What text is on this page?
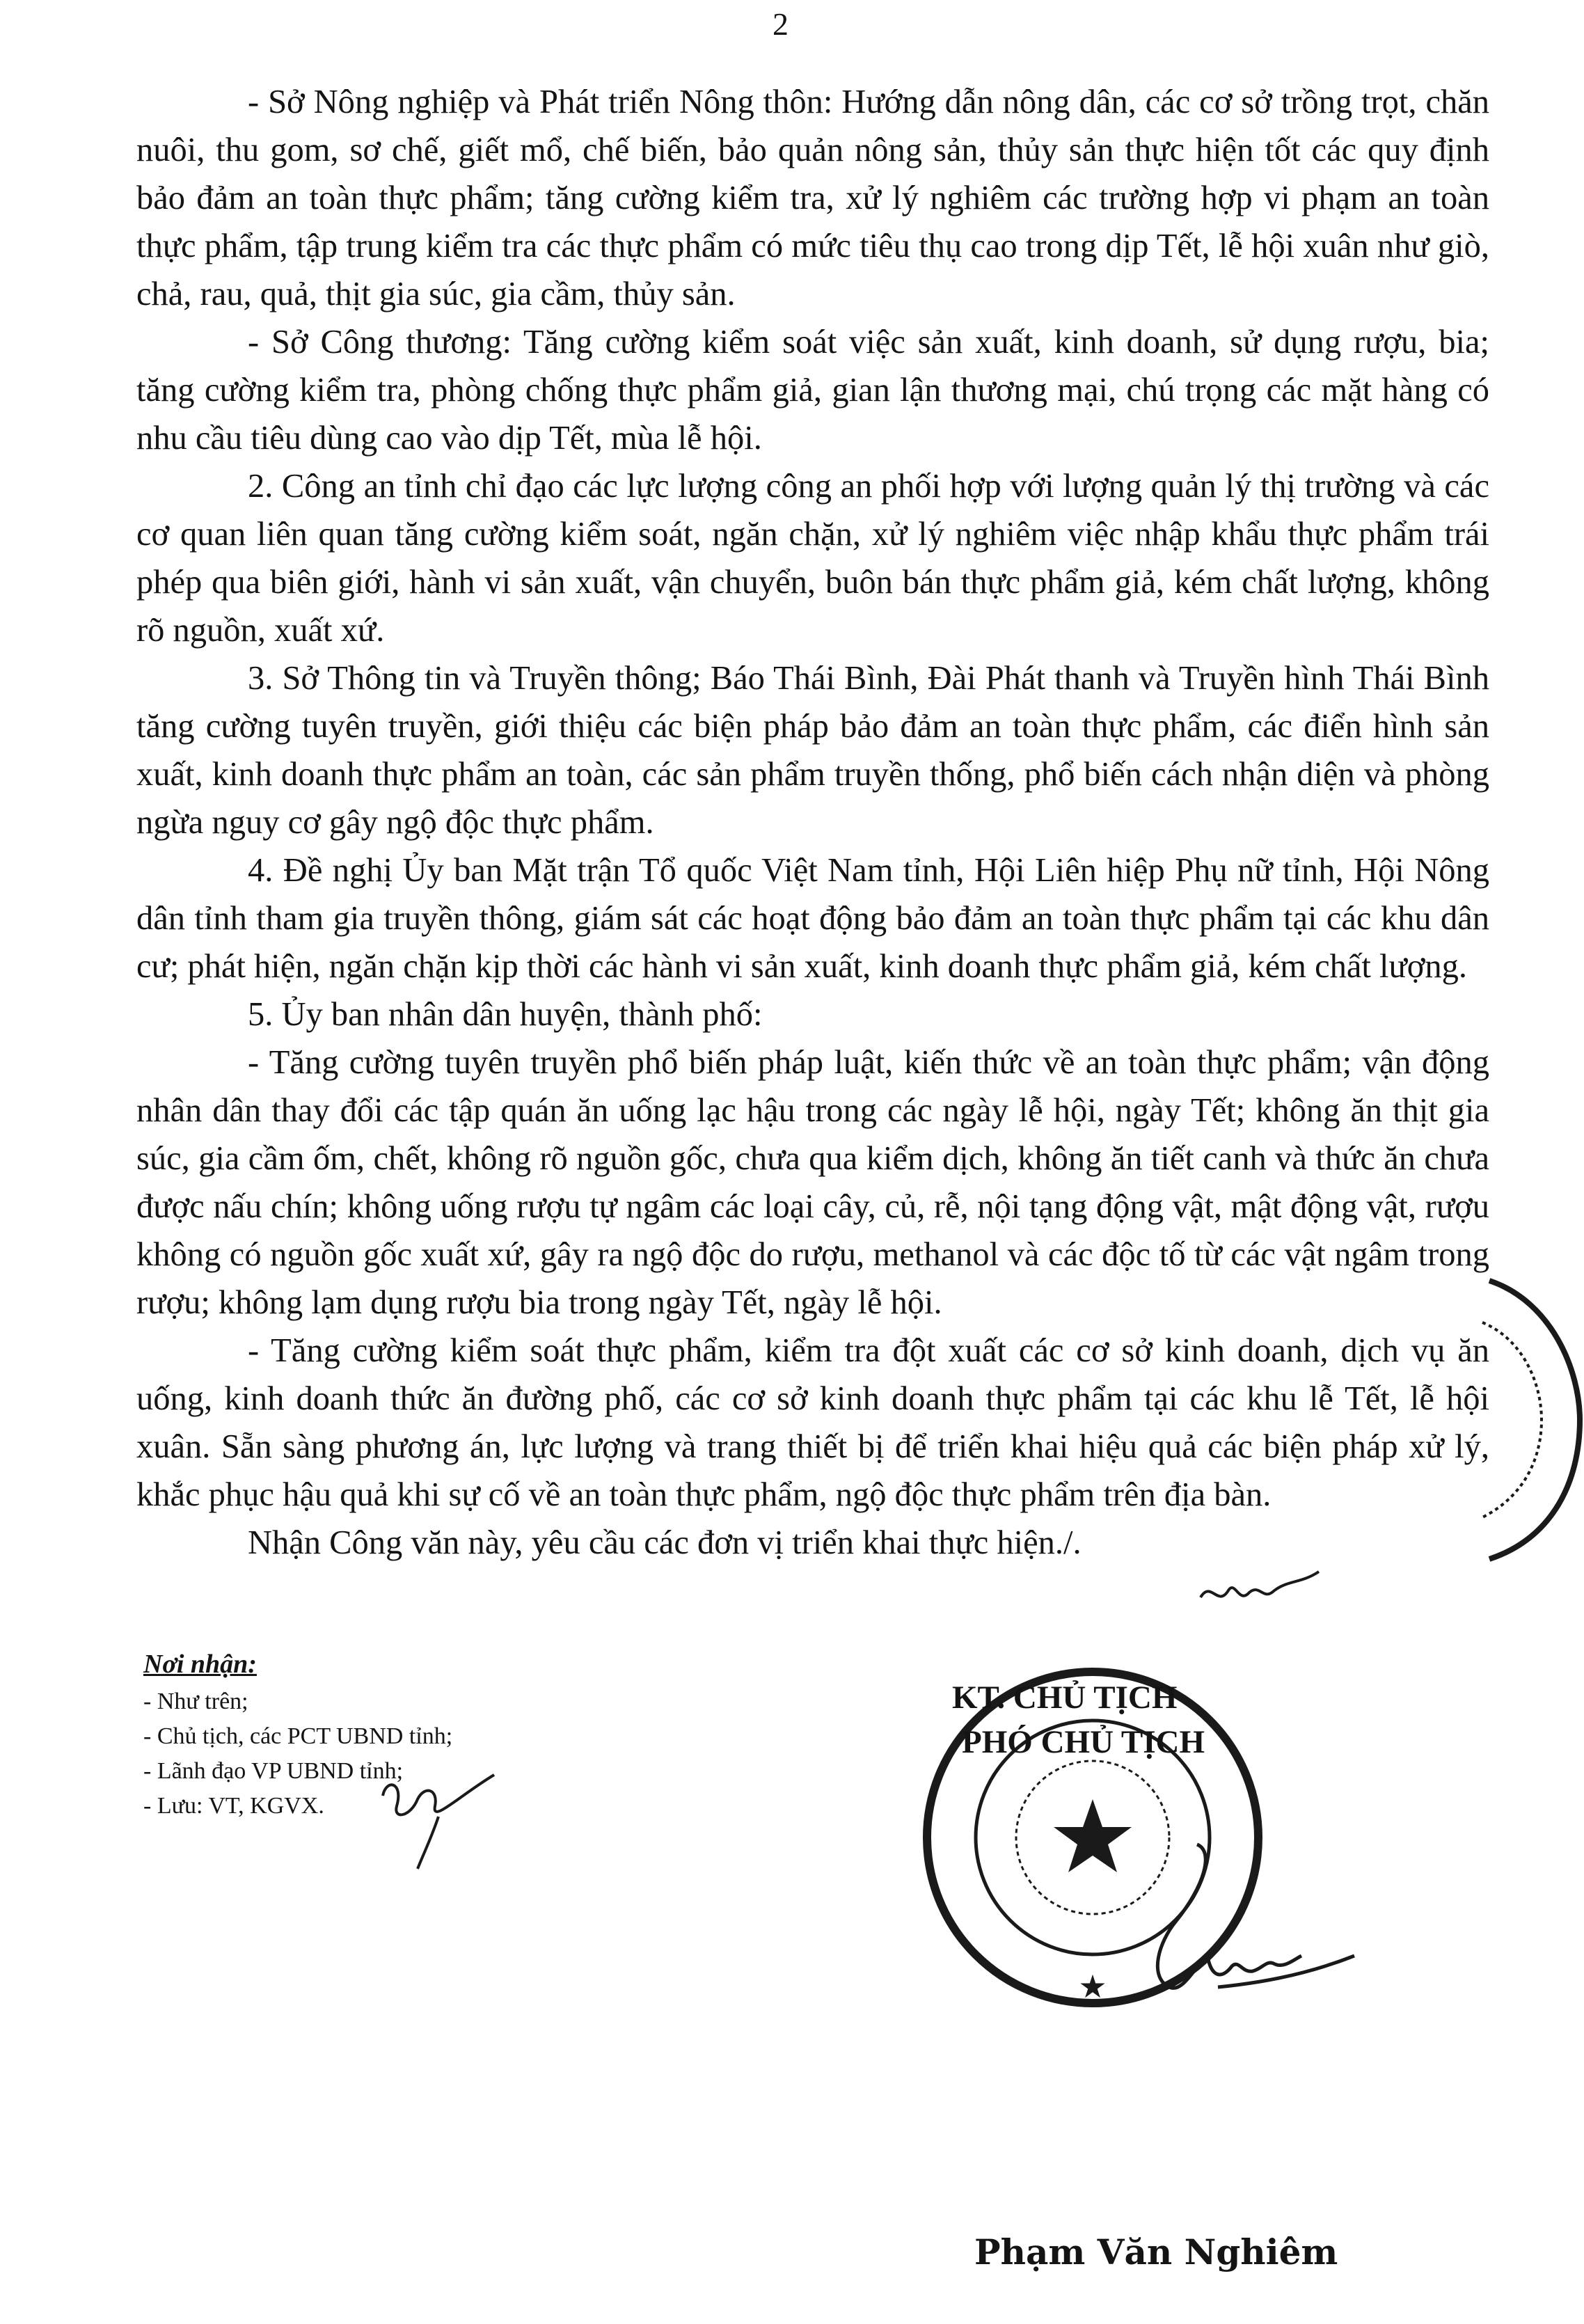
2

- Sở Nông nghiệp và Phát triển Nông thôn: Hướng dẫn nông dân, các cơ sở trồng trọt, chăn nuôi, thu gom, sơ chế, giết mổ, chế biến, bảo quản nông sản, thủy sản thực hiện tốt các quy định bảo đảm an toàn thực phẩm; tăng cường kiểm tra, xử lý nghiêm các trường hợp vi phạm an toàn thực phẩm, tập trung kiểm tra các thực phẩm có mức tiêu thụ cao trong dịp Tết, lễ hội xuân như giò, chả, rau, quả, thịt gia súc, gia cầm, thủy sản.

- Sở Công thương: Tăng cường kiểm soát việc sản xuất, kinh doanh, sử dụng rượu, bia; tăng cường kiểm tra, phòng chống thực phẩm giả, gian lận thương mại, chú trọng các mặt hàng có nhu cầu tiêu dùng cao vào dịp Tết, mùa lễ hội.

2. Công an tỉnh chỉ đạo các lực lượng công an phối hợp với lượng quản lý thị trường và các cơ quan liên quan tăng cường kiểm soát, ngăn chặn, xử lý nghiêm việc nhập khẩu thực phẩm trái phép qua biên giới, hành vi sản xuất, vận chuyển, buôn bán thực phẩm giả, kém chất lượng, không rõ nguồn, xuất xứ.

3. Sở Thông tin và Truyền thông; Báo Thái Bình, Đài Phát thanh và Truyền hình Thái Bình tăng cường tuyên truyền, giới thiệu các biện pháp bảo đảm an toàn thực phẩm, các điển hình sản xuất, kinh doanh thực phẩm an toàn, các sản phẩm truyền thống, phổ biến cách nhận diện và phòng ngừa nguy cơ gây ngộ độc thực phẩm.

4. Đề nghị Ủy ban Mặt trận Tổ quốc Việt Nam tỉnh, Hội Liên hiệp Phụ nữ tỉnh, Hội Nông dân tỉnh tham gia truyền thông, giám sát các hoạt động bảo đảm an toàn thực phẩm tại các khu dân cư; phát hiện, ngăn chặn kịp thời các hành vi sản xuất, kinh doanh thực phẩm giả, kém chất lượng.

5. Ủy ban nhân dân huyện, thành phố:

- Tăng cường tuyên truyền phổ biến pháp luật, kiến thức về an toàn thực phẩm; vận động nhân dân thay đổi các tập quán ăn uống lạc hậu trong các ngày lễ hội, ngày Tết; không ăn thịt gia súc, gia cầm ốm, chết, không rõ nguồn gốc, chưa qua kiểm dịch, không ăn tiết canh và thức ăn chưa được nấu chín; không uống rượu tự ngâm các loại cây, củ, rễ, nội tạng động vật, mật động vật, rượu không có nguồn gốc xuất xứ, gây ra ngộ độc do rượu, methanol và các độc tố từ các vật ngâm trong rượu; không lạm dụng rượu bia trong ngày Tết, ngày lễ hội.

- Tăng cường kiểm soát thực phẩm, kiểm tra đột xuất các cơ sở kinh doanh, dịch vụ ăn uống, kinh doanh thức ăn đường phố, các cơ sở kinh doanh thực phẩm tại các khu lễ Tết, lễ hội xuân. Sẵn sàng phương án, lực lượng và trang thiết bị để triển khai hiệu quả các biện pháp xử lý, khắc phục hậu quả khi sự cố về an toàn thực phẩm, ngộ độc thực phẩm trên địa bàn.

Nhận Công văn này, yêu cầu các đơn vị triển khai thực hiện./.

Nơi nhận:
- Như trên;
- Chủ tịch, các PCT UBND tỉnh;
- Lãnh đạo VP UBND tỉnh;
- Lưu: VT, KGVX.
★
KT. CHỦ TỊCH
PHÓ CHỦ TỊCH
Phạm Văn Nghiêm
